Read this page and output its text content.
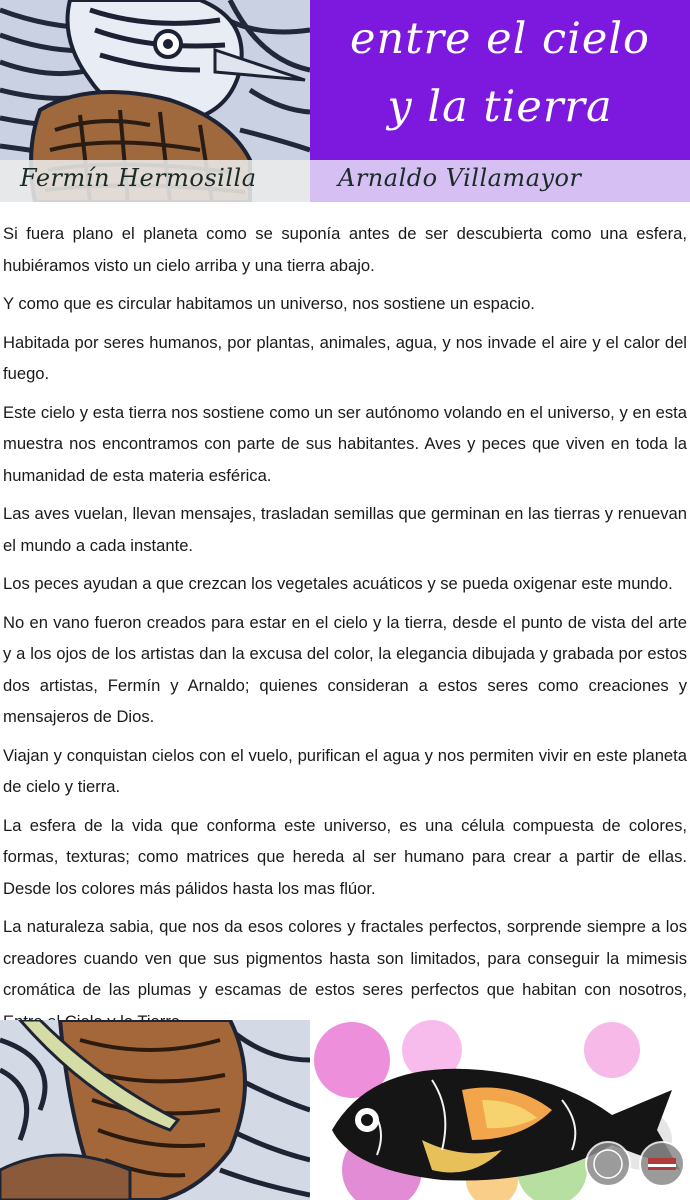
entre el cielo
y la tierra
Fermín Hermosilla	Arnaldo Villamayor

Si fuera plano el planeta como se suponía antes de ser descubierta como una esfera, hubiéramos visto un cielo arriba y una tierra abajo.

Y como que es circular habitamos un universo, nos sostiene un espacio.

Habitada por seres humanos, por plantas, animales, agua, y nos invade el aire y el calor del fuego.

Este cielo y esta tierra nos sostiene como un ser autónomo volando en el universo, y en esta muestra nos encontramos con parte de sus habitantes. Aves y peces que viven en toda la humanidad de esta materia esférica.

Las aves vuelan, llevan mensajes, trasladan semillas que germinan en las tierras y renuevan el mundo a cada instante.

Los peces ayudan a que crezcan los vegetales acuáticos y se pueda oxigenar este mundo.

No en vano fueron creados para estar en el cielo y la tierra, desde el punto de vista del arte y a los ojos de los artistas dan la excusa del color, la elegancia dibujada y grabada por estos dos artistas, Fermín y Arnaldo; quienes consideran a estos seres como creaciones y mensajeros de Dios.

Viajan y conquistan cielos con el vuelo, purifican el agua y nos permiten vivir en este planeta de cielo y tierra.

La esfera de la vida que conforma este universo, es una célula compuesta de colores, formas, texturas; como matrices que hereda al ser humano para crear a partir de ellas. Desde los colores más pálidos hasta los mas flúor.

La naturaleza sabia, que nos da esos colores y fractales perfectos, sorprende siempre a los creadores cuando ven que sus pigmentos hasta son limitados, para conseguir la mimesis cromática de las plumas y escamas de estos seres perfectos que habitan con nosotros,

www.portalguarani.com
